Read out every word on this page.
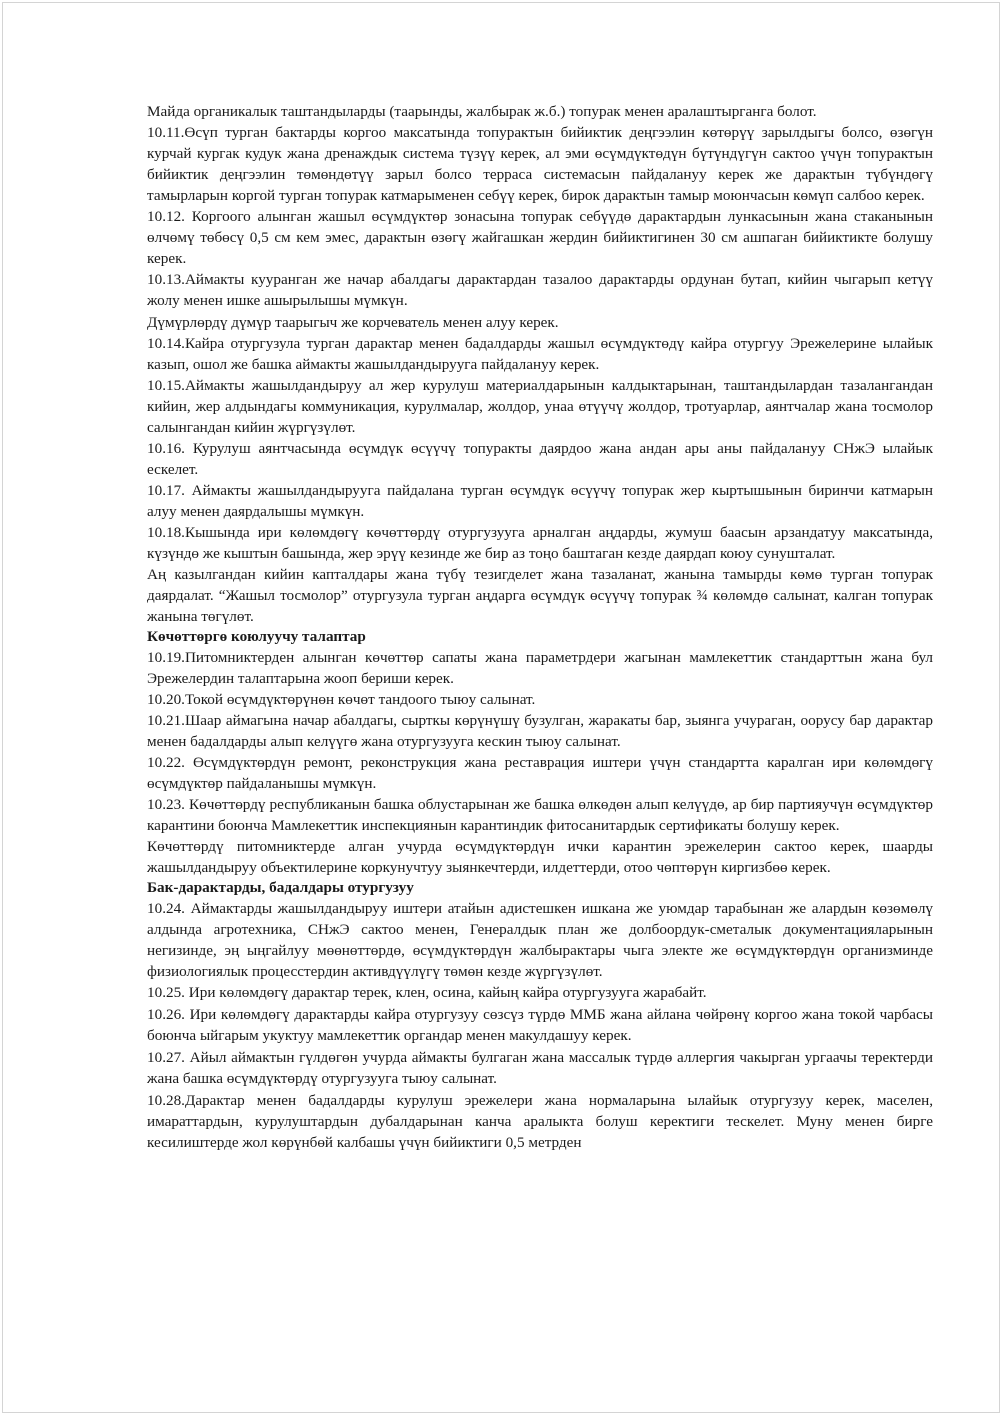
Майда органикалык таштандыларды (таарынды, жалбырак ж.б.) топурак менен аралаштырганга болот.

10.11.Өсүп турган бактарды коргоо максатында топурактын бийиктик деңгээлин көтөрүү зарылдыгы болсо, өзөгүн курчай кургак кудук жана дренаждык система түзүү керек, ал эми өсүмдүктөдүн бүтүндүгүн сактоо үчүн топурактын бийиктик деңгээлин төмөндөтүү зарыл болсо терраса системасын пайдалануу керек же дарактын түбүндөгү тамырларын коргой турган топурак катмарыменен себүү керек, бирок дарактын тамыр моюнчасын көмүп салбоо керек.

10.12. Коргоого алынган жашыл өсүмдүктөр зонасына топурак себүүдө дарактардын лункасынын жана стаканынын өлчөмү төбөсү 0,5 см кем эмес, дарактын өзөгү жайгашкан жердин бийиктигинен 30 см ашпаган бийиктикте болушу керек.

10.13.Аймакты кууранган же начар абалдагы дарактардан тазалоо дарактарды ордунан бутап, кийин чыгарып кетүү жолу менен ишке ашырылышы мүмкүн.

Дүмүрлөрдү дүмүр таарыгыч же корчеватель менен алуу керек.

10.14.Кайра отургузула турган дарактар менен бадалдарды жашыл өсүмдүктөдү кайра отургуу Эрежелерине ылайык казып, ошол же башка аймакты жашылдандырууга пайдалануу керек.

10.15.Аймакты жашылдандыруу ал жер курулуш материалдарынын калдыктарынан, таштандылардан тазалангандан кийин, жер алдындагы коммуникация, курулмалар, жолдор, унаа өтүүчү жолдор, тротуарлар, аянтчалар жана тосмолор салынгандан кийин жүргүзүлөт.

10.16. Курулуш аянтчасында өсүмдүк өсүүчү топуракты даярдоо жана андан ары аны пайдалануу СНжЭ ылайык ескелет.

10.17. Аймакты жашылдандырууга пайдалана турган өсүмдүк өсүүчү топурак жер кыртышынын биринчи катмарын алуу менен даярдалышы мүмкүн.

10.18.Кышында ири көлөмдөгү көчөттөрдү отургузууга арналган аңдарды, жумуш баасын арзандатуу максатында, күзүндө же кыштын башында, жер эрүү кезинде же бир аз тоңо баштаган кезде даярдап коюу сунушталат.

Аң казылгандан кийин капталдары жана түбү тезигделет жана тазаланат, жанына тамырды көмө турган топурак даярдалат. “Жашыл тосмолор” отургузула турган аңдарга өсүмдүк өсүүчү топурак ¾ көлөмдө салынат, калган топурак жанына төгүлөт.

Көчөттөргө коюлуучу талаптар

10.19.Питомниктерден алынган көчөттөр сапаты жана параметрдери жагынан мамлекеттик стандарттын жана бул Эрежелердин талаптарына жооп бериши керек.

10.20.Токой өсүмдүктөрүнөн көчөт тандоого тыюу салынат.

10.21.Шаар аймагына начар абалдагы, сырткы көрүнүшү бузулган, жаракаты бар, зыянга учураган, оорусу бар дарактар менен бадалдарды алып келүүгө жана отургузууга кескин тыюу салынат.

10.22. Өсүмдүктөрдүн ремонт, реконструкция жана реставрация иштери үчүн стандартта каралган ири көлөмдөгү өсүмдүктөр пайдаланышы мүмкүн.

10.23. Көчөттөрдү республиканын башка облустарынан же башка өлкөдөн алып келүүдө, ар бир партияучүн өсүмдүктөр карантини боюнча Мамлекеттик инспекциянын карантиндик фитосанитардык сертификаты болушу керек.

Көчөттөрдү питомниктерде алган учурда өсүмдүктөрдүн ички карантин эрежелерин сактоо керек, шаарды жашылдандыруу объектилерине коркунучтуу зыянкечтерди, илдеттерди, отоо чөптөрүн киргизбөө керек.

Бак-дарактарды, бадалдары отургузуу

10.24. Аймактарды жашылдандыруу иштери атайын адистешкен ишкана же уюмдар тарабынан же алардын көзөмөлү алдында агротехника, СНжЭ сактоо менен, Генералдык план же долбоордук-сметалык документацияларынын негизинде, эң ыңгайлуу мөөнөттөрдө, өсүмдүктөрдүн жалбырактары чыга электе же өсүмдүктөрдүн организминде физиологиялык процесстердин активдүүлүгү төмөн кезде жүргүзүлөт.

10.25. Ири көлөмдөгү дарактар терек, клен, осина, кайың кайра отургузууга жарабайт.

10.26. Ири көлөмдөгү дарактарды кайра отургузуу сөзсүз түрдө ММБ жана айлана чөйрөнү коргоо жана токой чарбасы боюнча ыйгарым укуктуу мамлекеттик органдар менен макулдашуу керек.

10.27. Айыл аймактын гүлдөгөн учурда аймакты булгаган жана массалык түрдө аллергия чакырган ургаачы теректерди жана башка өсүмдүктөрдү отургузууга тыюу салынат.

10.28.Дарактар менен бадалдарды курулуш эрежелери жана нормаларына ылайык отургузуу керек, маселен, имараттардын, курулуштардын дубалдарынан канча аралыкта болуш керектиги тескелет. Муну менен бирге кесилиштерде жол көрүнбөй калбашы үчүн бийиктиги 0,5 метрден
